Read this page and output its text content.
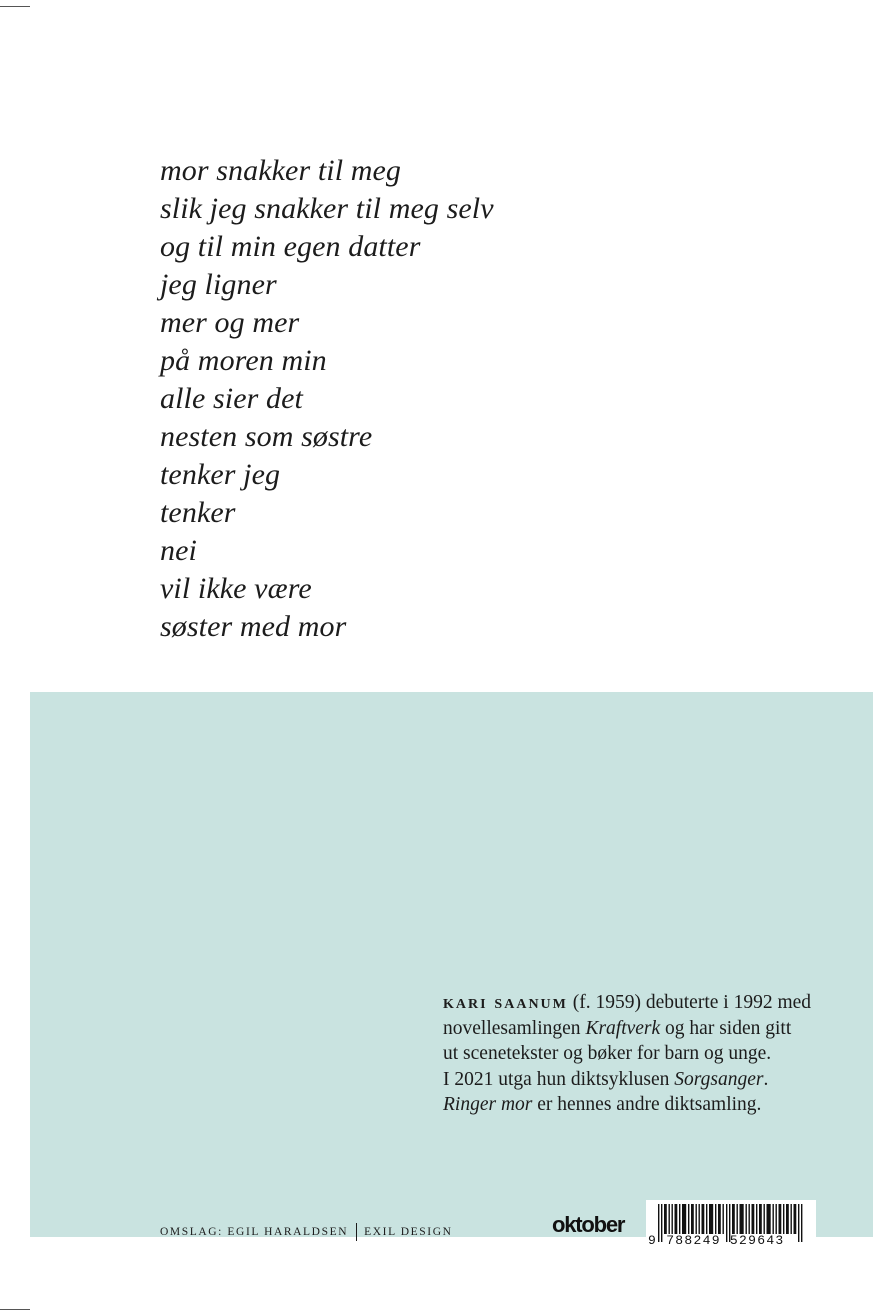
mor snakker til meg
slik jeg snakker til meg selv
og til min egen datter
jeg ligner
mer og mer
på moren min
alle sier det
nesten som søstre
tenker jeg
tenker
nei
vil ikke være
søster med mor
kari saanum (f. 1959) debuterte i 1992 med
novellesamlingen Kraftverk og har siden gitt
ut scenetekster og bøker for barn og unge.
I 2021 utga hun diktsyklusen Sorgsanger.
Ringer mor er hennes andre diktsamling.
OMSLAG: EGIL HARALDSEN EXIL DESIGN	oktober
9 788249 529643
